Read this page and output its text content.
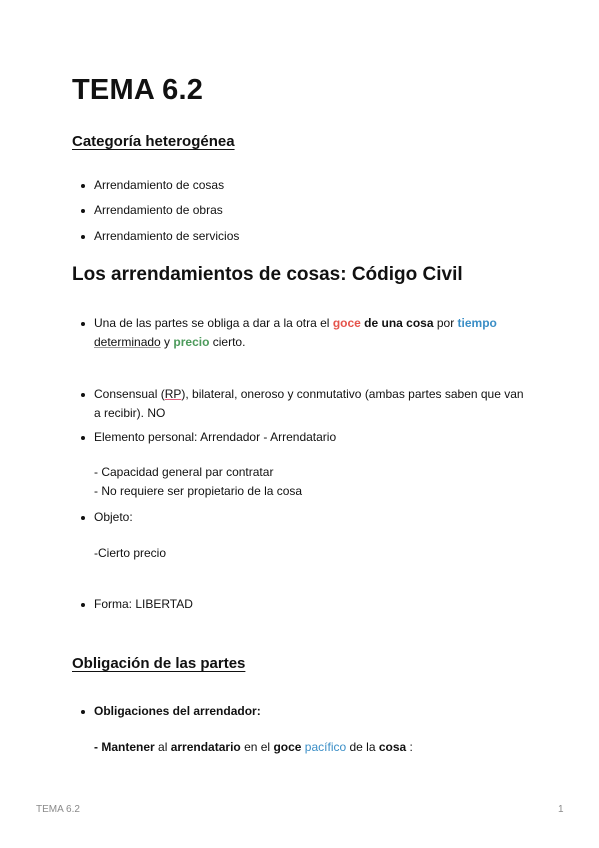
TEMA 6.2
Categoría heterogénea
Arrendamiento de cosas
Arrendamiento de obras
Arrendamiento de servicios
Los arrendamientos de cosas: Código Civil
Una de las partes se obliga a dar a la otra el goce de una cosa por tiempo
determinado y precio cierto.
Consensual (RP), bilateral, oneroso y conmutativo (ambas partes saben que van a recibir). NO
Elemento personal: Arrendador - Arrendatario
- Capacidad general par contratar
- No requiere ser propietario de la cosa
Objeto:
-Cierto precio
Forma: LIBERTAD
Obligación de las partes
Obligaciones del arrendador:
- Mantener al arrendatario en el goce pacífico de la cosa :
TEMA 6.2	1
